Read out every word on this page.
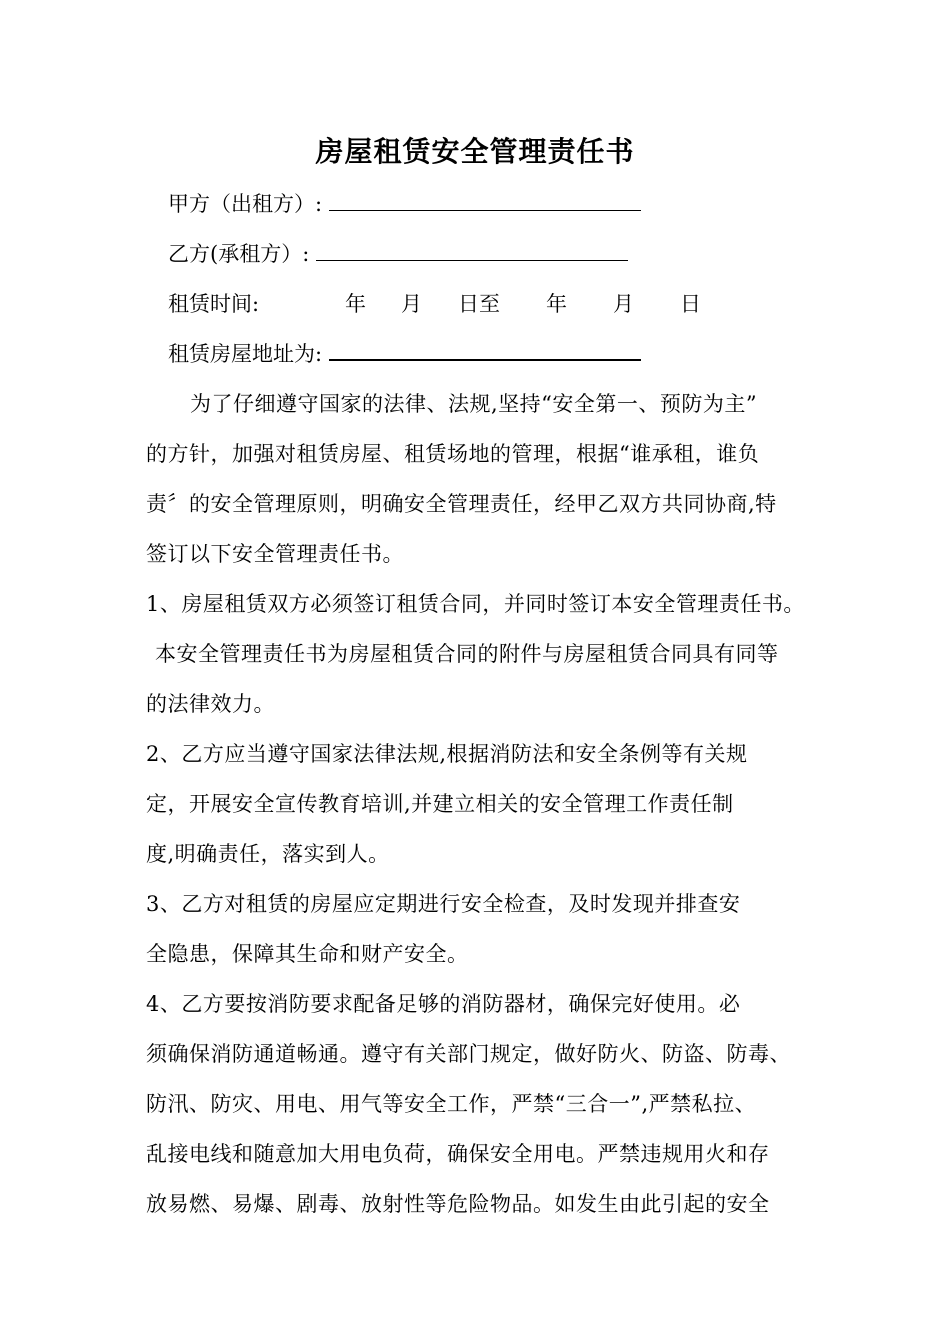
房屋租赁安全管理责任书
甲方（出租方）:
乙方(承租方）:
租赁时间:	年 月 日至 年 月 日
租赁房屋地址为:
为了仔细遵守国家的法律、法规,坚持“安全第一、预防为主”
的方针，加强对租赁房屋、租赁场地的管理，根据“谁承租，谁负
责〞的安全管理原则，明确安全管理责任，经甲乙双方共同协商,特
签订以下安全管理责任书。
1、房屋租赁双方必须签订租赁合同，并同时签订本安全管理责任书。
本安全管理责任书为房屋租赁合同的附件与房屋租赁合同具有同等
的法律效力。
2、乙方应当遵守国家法律法规,根据消防法和安全条例等有关规
定，开展安全宣传教育培训,并建立相关的安全管理工作责任制
度,明确责任，落实到人。
3、乙方对租赁的房屋应定期进行安全检查，及时发现并排查安
全隐患，保障其生命和财产安全。
4、乙方要按消防要求配备足够的消防器材，确保完好使用。必
须确保消防通道畅通。遵守有关部门规定，做好防火、防盗、防毒、
防汛、防灾、用电、用气等安全工作，严禁“三合一”,严禁私拉、
乱接电线和随意加大用电负荷，确保安全用电。严禁违规用火和存
放易燃、易爆、剧毒、放射性等危险物品。如发生由此引起的安全
